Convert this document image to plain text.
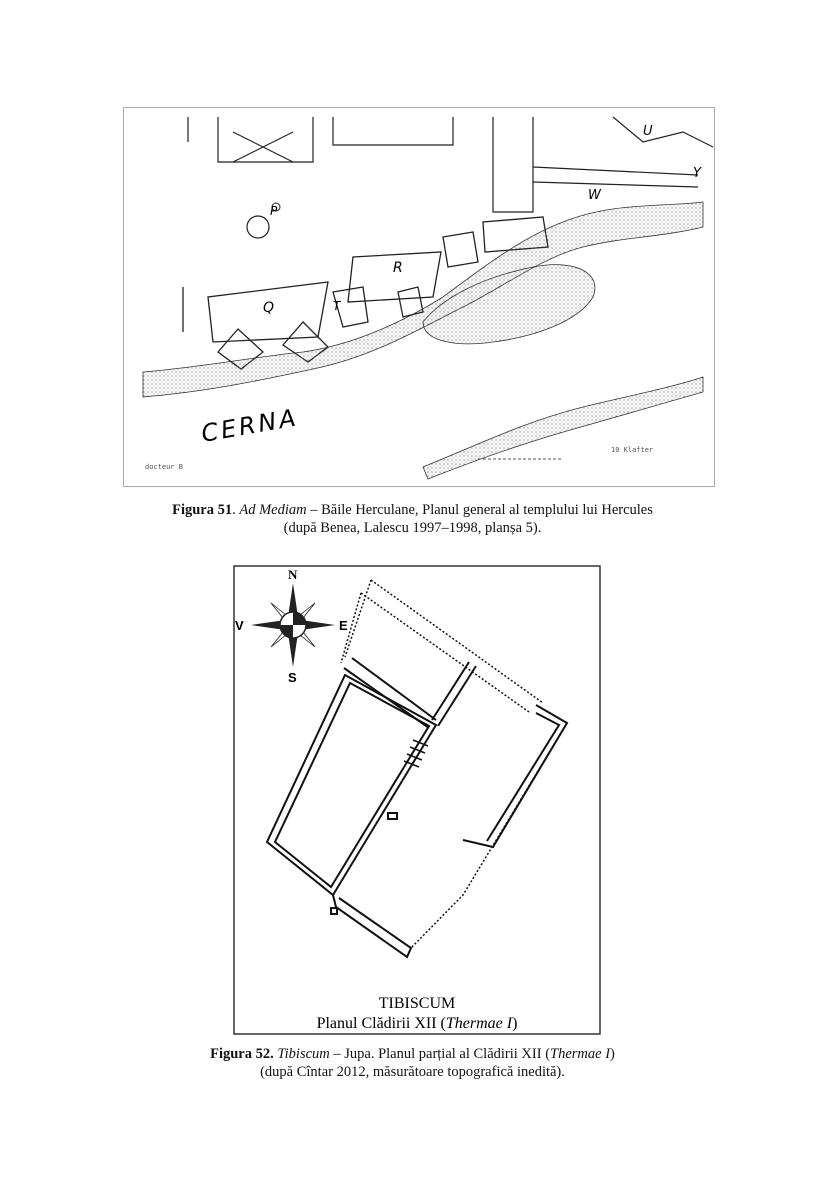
Q
R
P
T
U
W
Y
CERNA
docteur B
10 Klafter
Figura 51. Ad Mediam – Băile Herculane, Planul general al templului lui Hercules
(după Benea, Lalescu 1997–1998, planșa 5).
N
S
E
V
TIBISCUM
Planul Clădirii XII (Thermae I)
Figura 52. Tibiscum – Jupa. Planul parțial al Clădirii XII (Thermae I)
(după Cîntar 2012, măsurătoare topografică inedită).
